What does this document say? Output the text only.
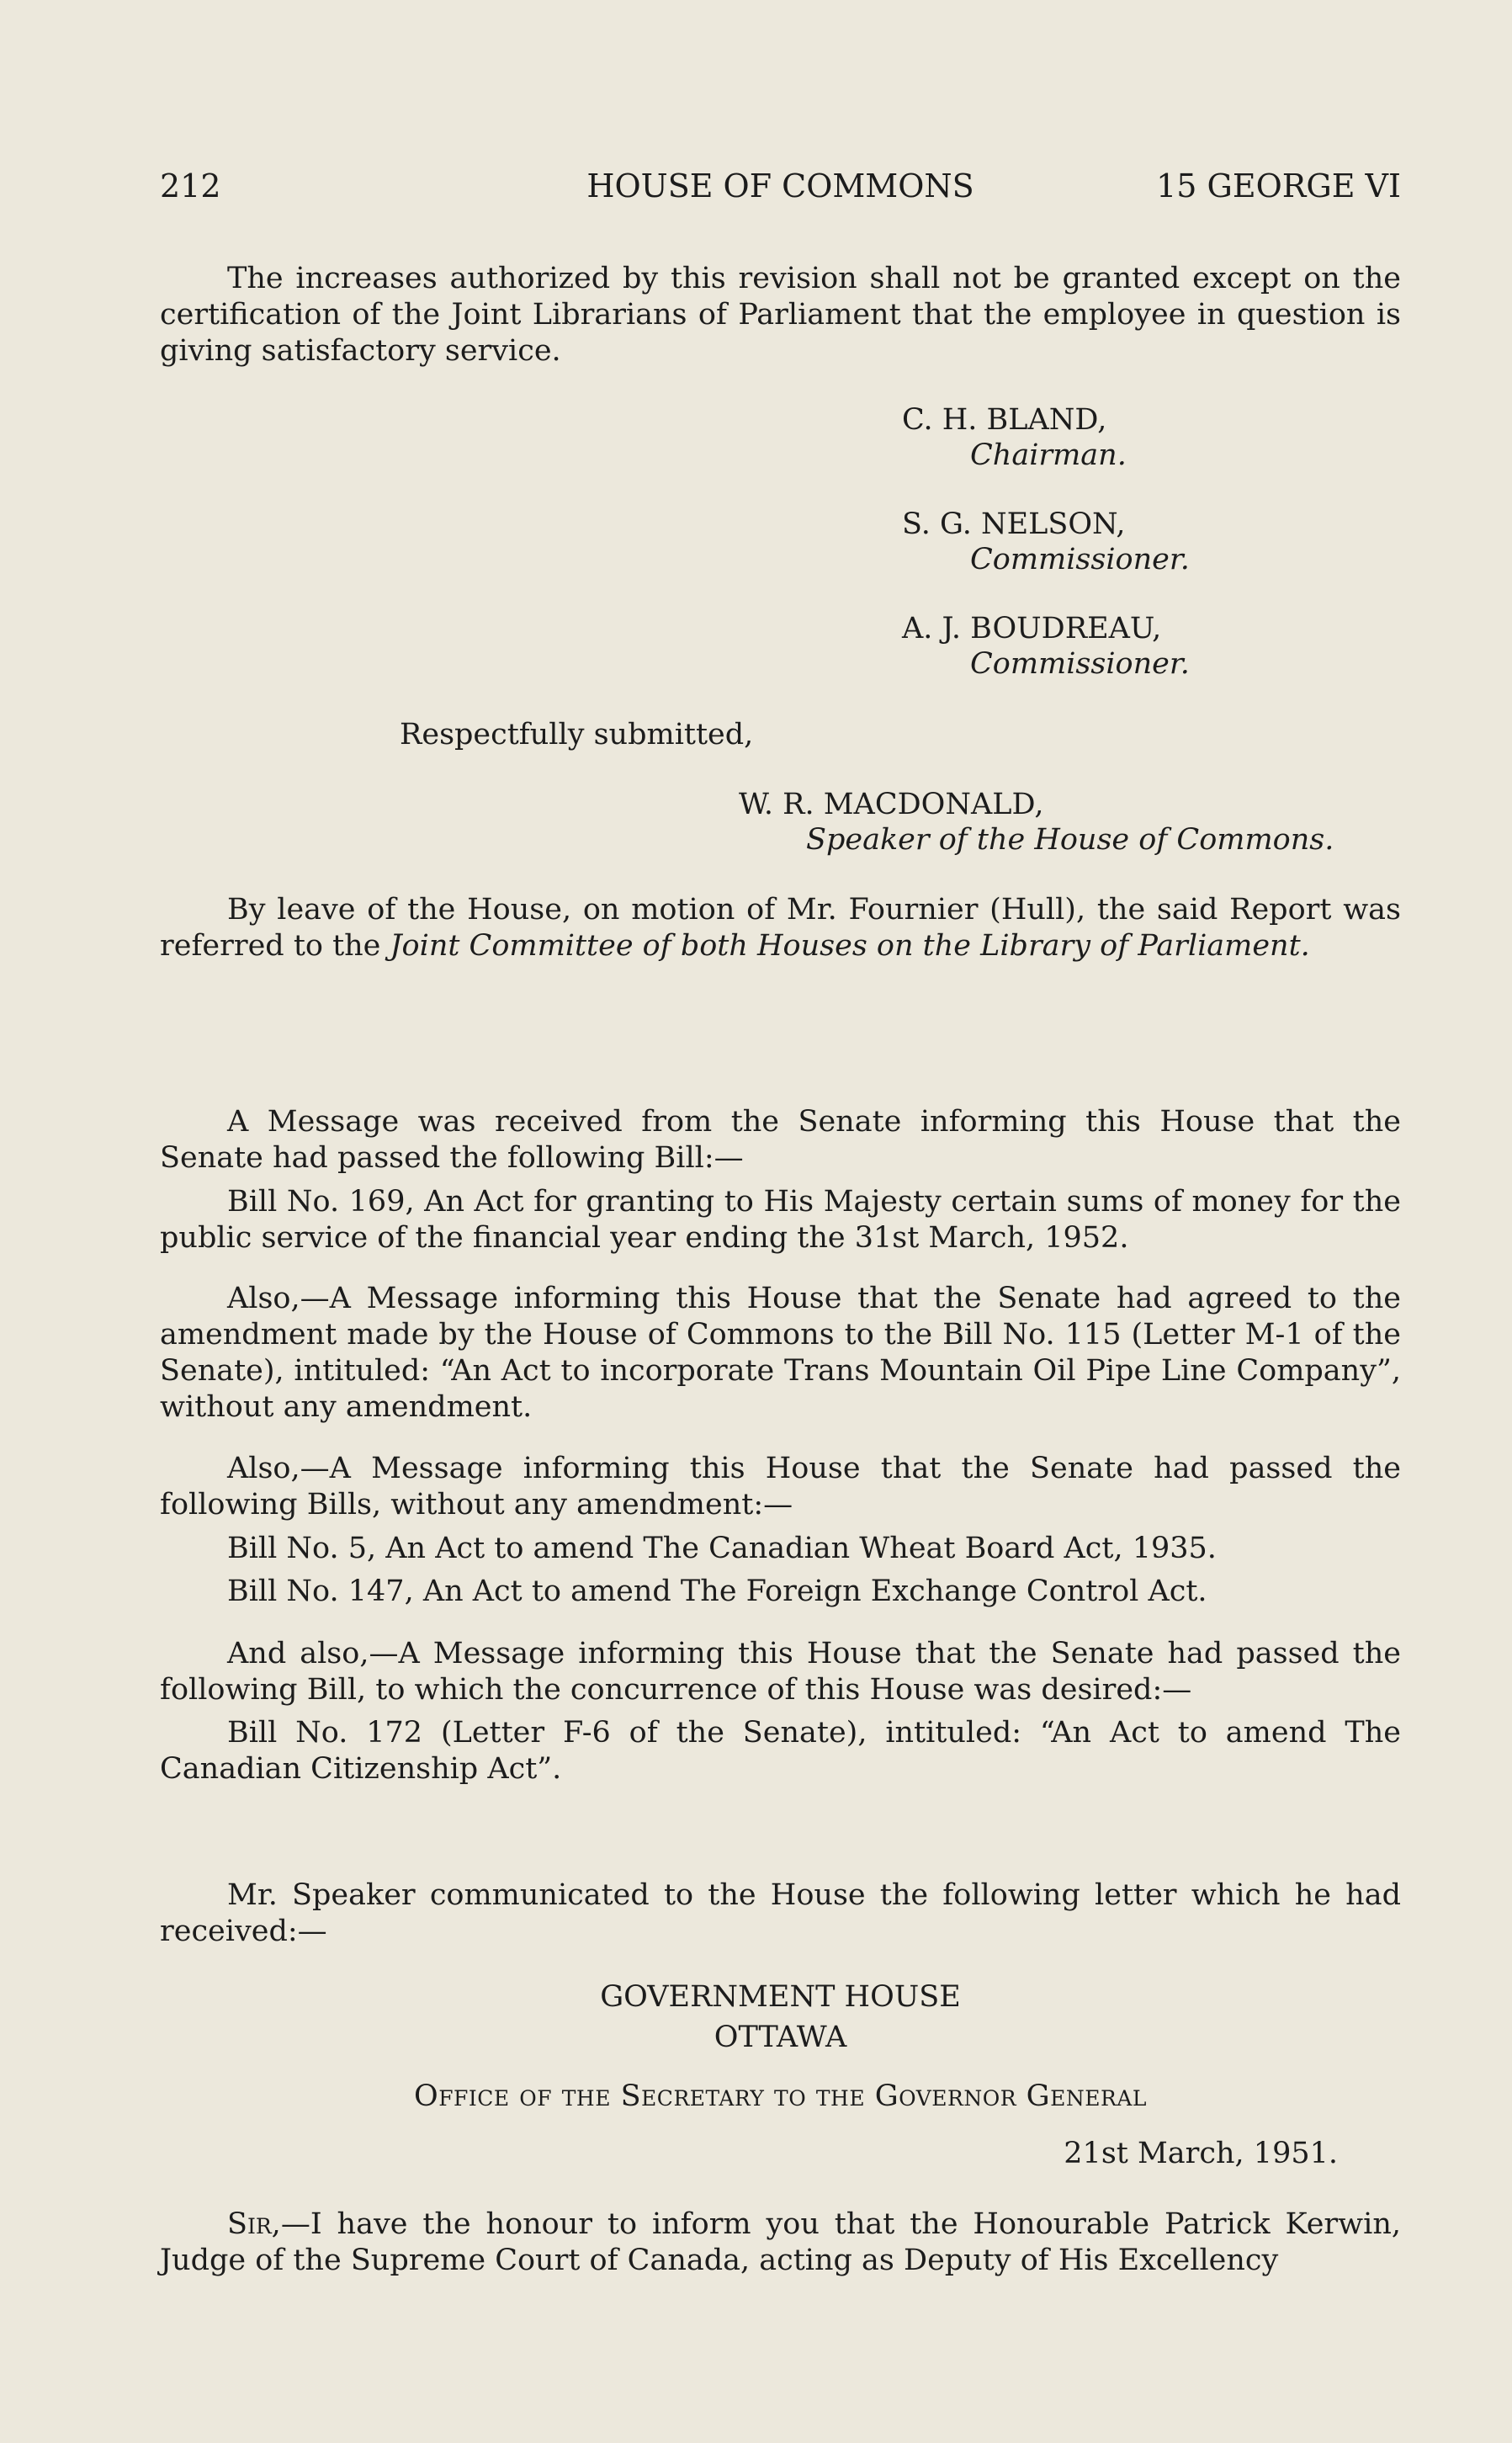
212	HOUSE OF COMMONS	15 GEORGE VI

The increases authorized by this revision shall not be granted except on the certification of the Joint Librarians of Parliament that the employee in question is giving satisfactory service.

C. H. BLAND,
Chairman.
S. G. NELSON,
Commissioner.
A. J. BOUDREAU,
Commissioner.
Respectfully submitted,
W. R. MACDONALD,
Speaker of the House of Commons.

By leave of the House, on motion of Mr. Fournier (Hull), the said Report was referred to the Joint Committee of both Houses on the Library of Parliament.

A Message was received from the Senate informing this House that the Senate had passed the following Bill:—

Bill No. 169, An Act for granting to His Majesty certain sums of money for the public service of the financial year ending the 31st March, 1952.

Also,—A Message informing this House that the Senate had agreed to the amendment made by the House of Commons to the Bill No. 115 (Letter M-1 of the Senate), intituled: “An Act to incorporate Trans Mountain Oil Pipe Line Company”, without any amendment.

Also,—A Message informing this House that the Senate had passed the following Bills, without any amendment:—

Bill No. 5, An Act to amend The Canadian Wheat Board Act, 1935.

Bill No. 147, An Act to amend The Foreign Exchange Control Act.

And also,—A Message informing this House that the Senate had passed the following Bill, to which the concurrence of this House was desired:—

Bill No. 172 (Letter F-6 of the Senate), intituled: “An Act to amend The Canadian Citizenship Act”.

Mr. Speaker communicated to the House the following letter which he had received:—

GOVERNMENT HOUSE
OTTAWA
Office of the Secretary to the Governor General
21st March, 1951.

Sir,—I have the honour to inform you that the Honourable Patrick Kerwin, Judge of the Supreme Court of Canada, acting as Deputy of His Excellency
